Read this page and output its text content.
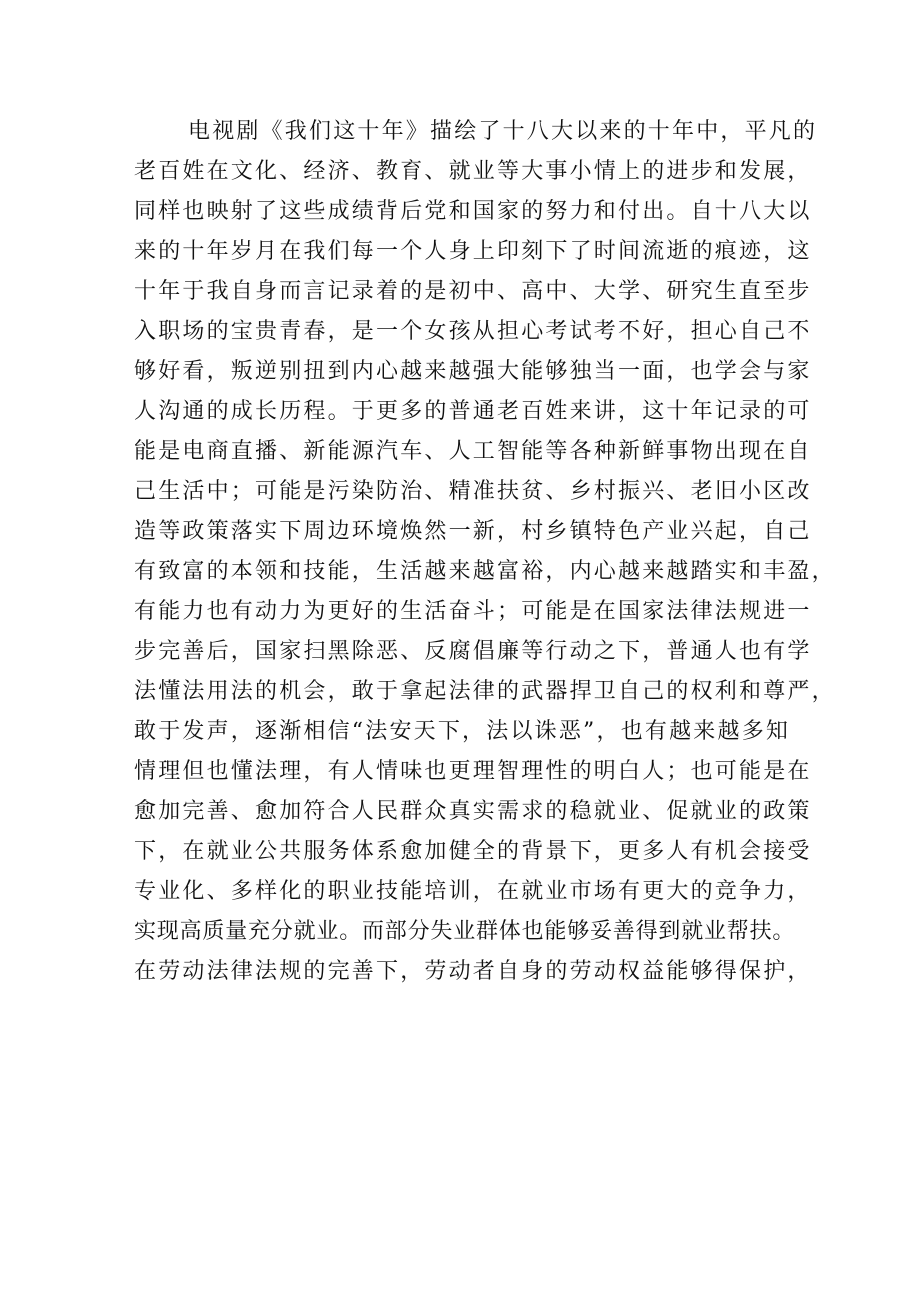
电视剧《我们这十年》描绘了十八大以来的十年中，平凡的
老百姓在文化、经济、教育、就业等大事小情上的进步和发展，
同样也映射了这些成绩背后党和国家的努力和付出。自十八大以
来的十年岁月在我们每一个人身上印刻下了时间流逝的痕迹，这
十年于我自身而言记录着的是初中、高中、大学、研究生直至步
入职场的宝贵青春，是一个女孩从担心考试考不好，担心自己不
够好看，叛逆别扭到内心越来越强大能够独当一面，也学会与家
人沟通的成长历程。于更多的普通老百姓来讲，这十年记录的可
能是电商直播、新能源汽车、人工智能等各种新鲜事物出现在自
己生活中；可能是污染防治、精准扶贫、乡村振兴、老旧小区改
造等政策落实下周边环境焕然一新，村乡镇特色产业兴起，自己
有致富的本领和技能，生活越来越富裕，内心越来越踏实和丰盈，
有能力也有动力为更好的生活奋斗；可能是在国家法律法规进一
步完善后，国家扫黑除恶、反腐倡廉等行动之下，普通人也有学
法懂法用法的机会，敢于拿起法律的武器捍卫自己的权利和尊严，
敢于发声，逐渐相信“法安天下，法以诛恶”，也有越来越多知
情理但也懂法理，有人情味也更理智理性的明白人；也可能是在
愈加完善、愈加符合人民群众真实需求的稳就业、促就业的政策
下，在就业公共服务体系愈加健全的背景下，更多人有机会接受
专业化、多样化的职业技能培训，在就业市场有更大的竞争力，
实现高质量充分就业。而部分失业群体也能够妥善得到就业帮扶。
在劳动法律法规的完善下，劳动者自身的劳动权益能够得保护，
